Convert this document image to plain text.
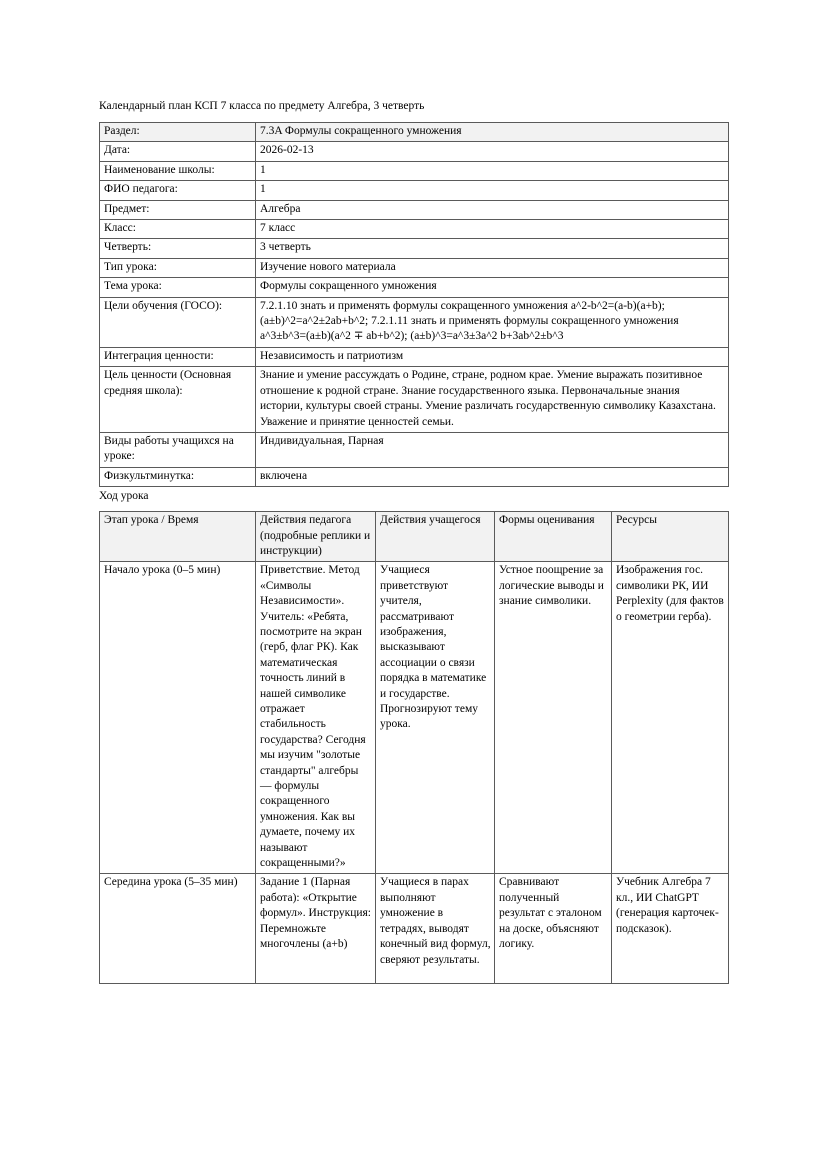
Календарный план КСП 7 класса по предмету Алгебра, 3 четверть
Раздел:	7.3A Формулы сокращенного умножения
Дата:	2026-02-13
Наименование школы:	1
ФИО педагога:	1
Предмет:	Алгебра
Класс:	7 класс
Четверть:	3 четверть
Тип урока:	Изучение нового материала
Тема урока:	Формулы сокращенного умножения
Цели обучения (ГОСО):	7.2.1.10 знать и применять формулы сокращенного умножения a^2-b^2=(a-b)(a+b); (a±b)^2=a^2±2ab+b^2; 7.2.1.11 знать и применять формулы сокращенного умножения a^3±b^3=(a±b)(a^2 ∓ ab+b^2); (a±b)^3=a^3±3a^2 b+3ab^2±b^3
Интеграция ценности:	Независимость и патриотизм
Цель ценности (Основная средняя школа):	Знание и умение рассуждать о Родине, стране, родном крае. Умение выражать позитивное отношение к родной стране. Знание государственного языка. Первоначальные знания истории, культуры своей страны. Умение различать государственную символику Казахстана. Уважение и принятие ценностей семьи.
Виды работы учащихся на уроке:	Индивидуальная, Парная
Физкультминутка:	включена
Ход урока
Этап урока / Время	Действия педагога (подробные реплики и инструкции)	Действия учащегося	Формы оценивания	Ресурсы
Начало урока (0–5 мин)	Приветствие. Метод «Символы Независимости». Учитель: «Ребята, посмотрите на экран (герб, флаг РК). Как математическая точность линий в нашей символике отражает стабильность государства? Сегодня мы изучим "золотые стандарты" алгебры — формулы сокращенного умножения. Как вы думаете, почему их называют сокращенными?»	Учащиеся приветствуют учителя, рассматривают изображения, высказывают ассоциации о связи порядка в математике и государстве. Прогнозируют тему урока.	Устное поощрение за логические выводы и знание символики.	Изображения гос. символики РК, ИИ Perplexity (для фактов о геометрии герба).
Середина урока (5–35 мин)	Задание 1 (Парная работа): «Открытие формул». Инструкция: Перемножьте многочлены (a+b)	Учащиеся в парах выполняют умножение в тетрадях, выводят конечный вид формул, сверяют результаты.	Сравнивают полученный результат с эталоном на доске, объясняют логику.	Учебник Алгебра 7 кл., ИИ ChatGPT (генерация карточек-подсказок).
